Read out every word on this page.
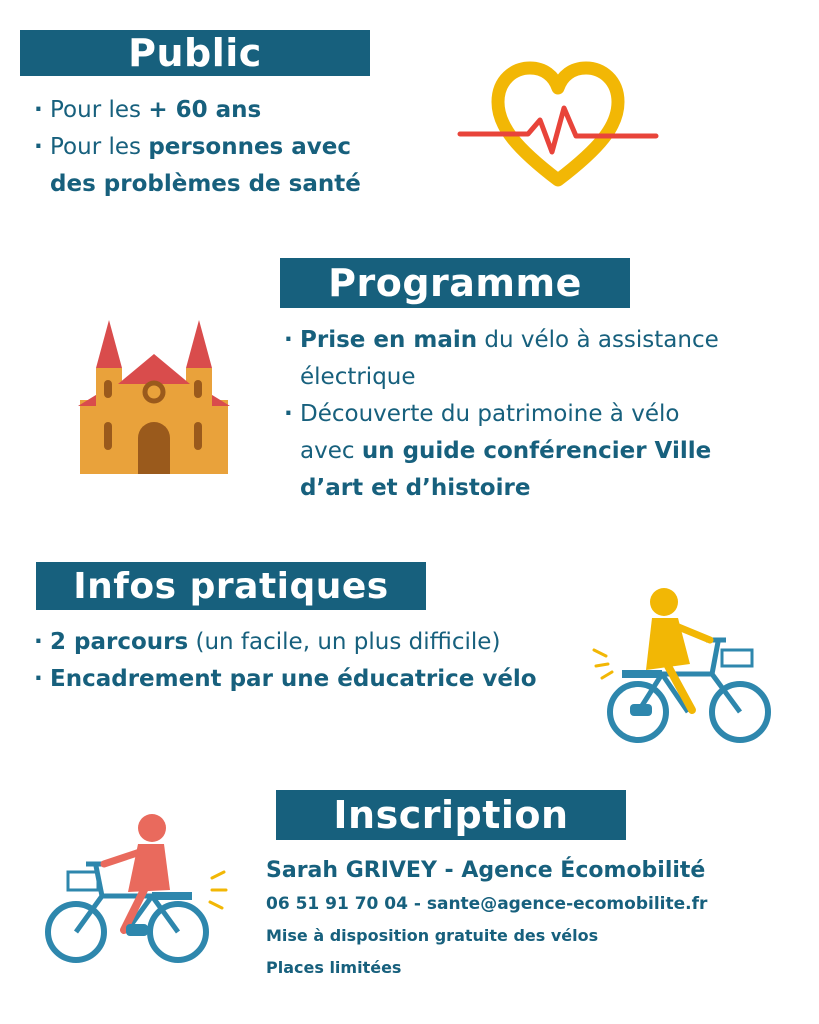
Public
· Pour les + 60 ans
· Pour les personnes avec
des problèmes de santé
Programme
· Prise en main du vélo à assistance
électrique
· Découverte du patrimoine à vélo
avec un guide conférencier Ville
d’art et d’histoire
Infos pratiques
· 2 parcours (un facile, un plus difficile)
· Encadrement par une éducatrice vélo
Inscription
Sarah GRIVEY - Agence Écomobilité
06 51 91 70 04 - sante@agence-ecomobilite.fr
Mise à disposition gratuite des vélos
Places limitées
